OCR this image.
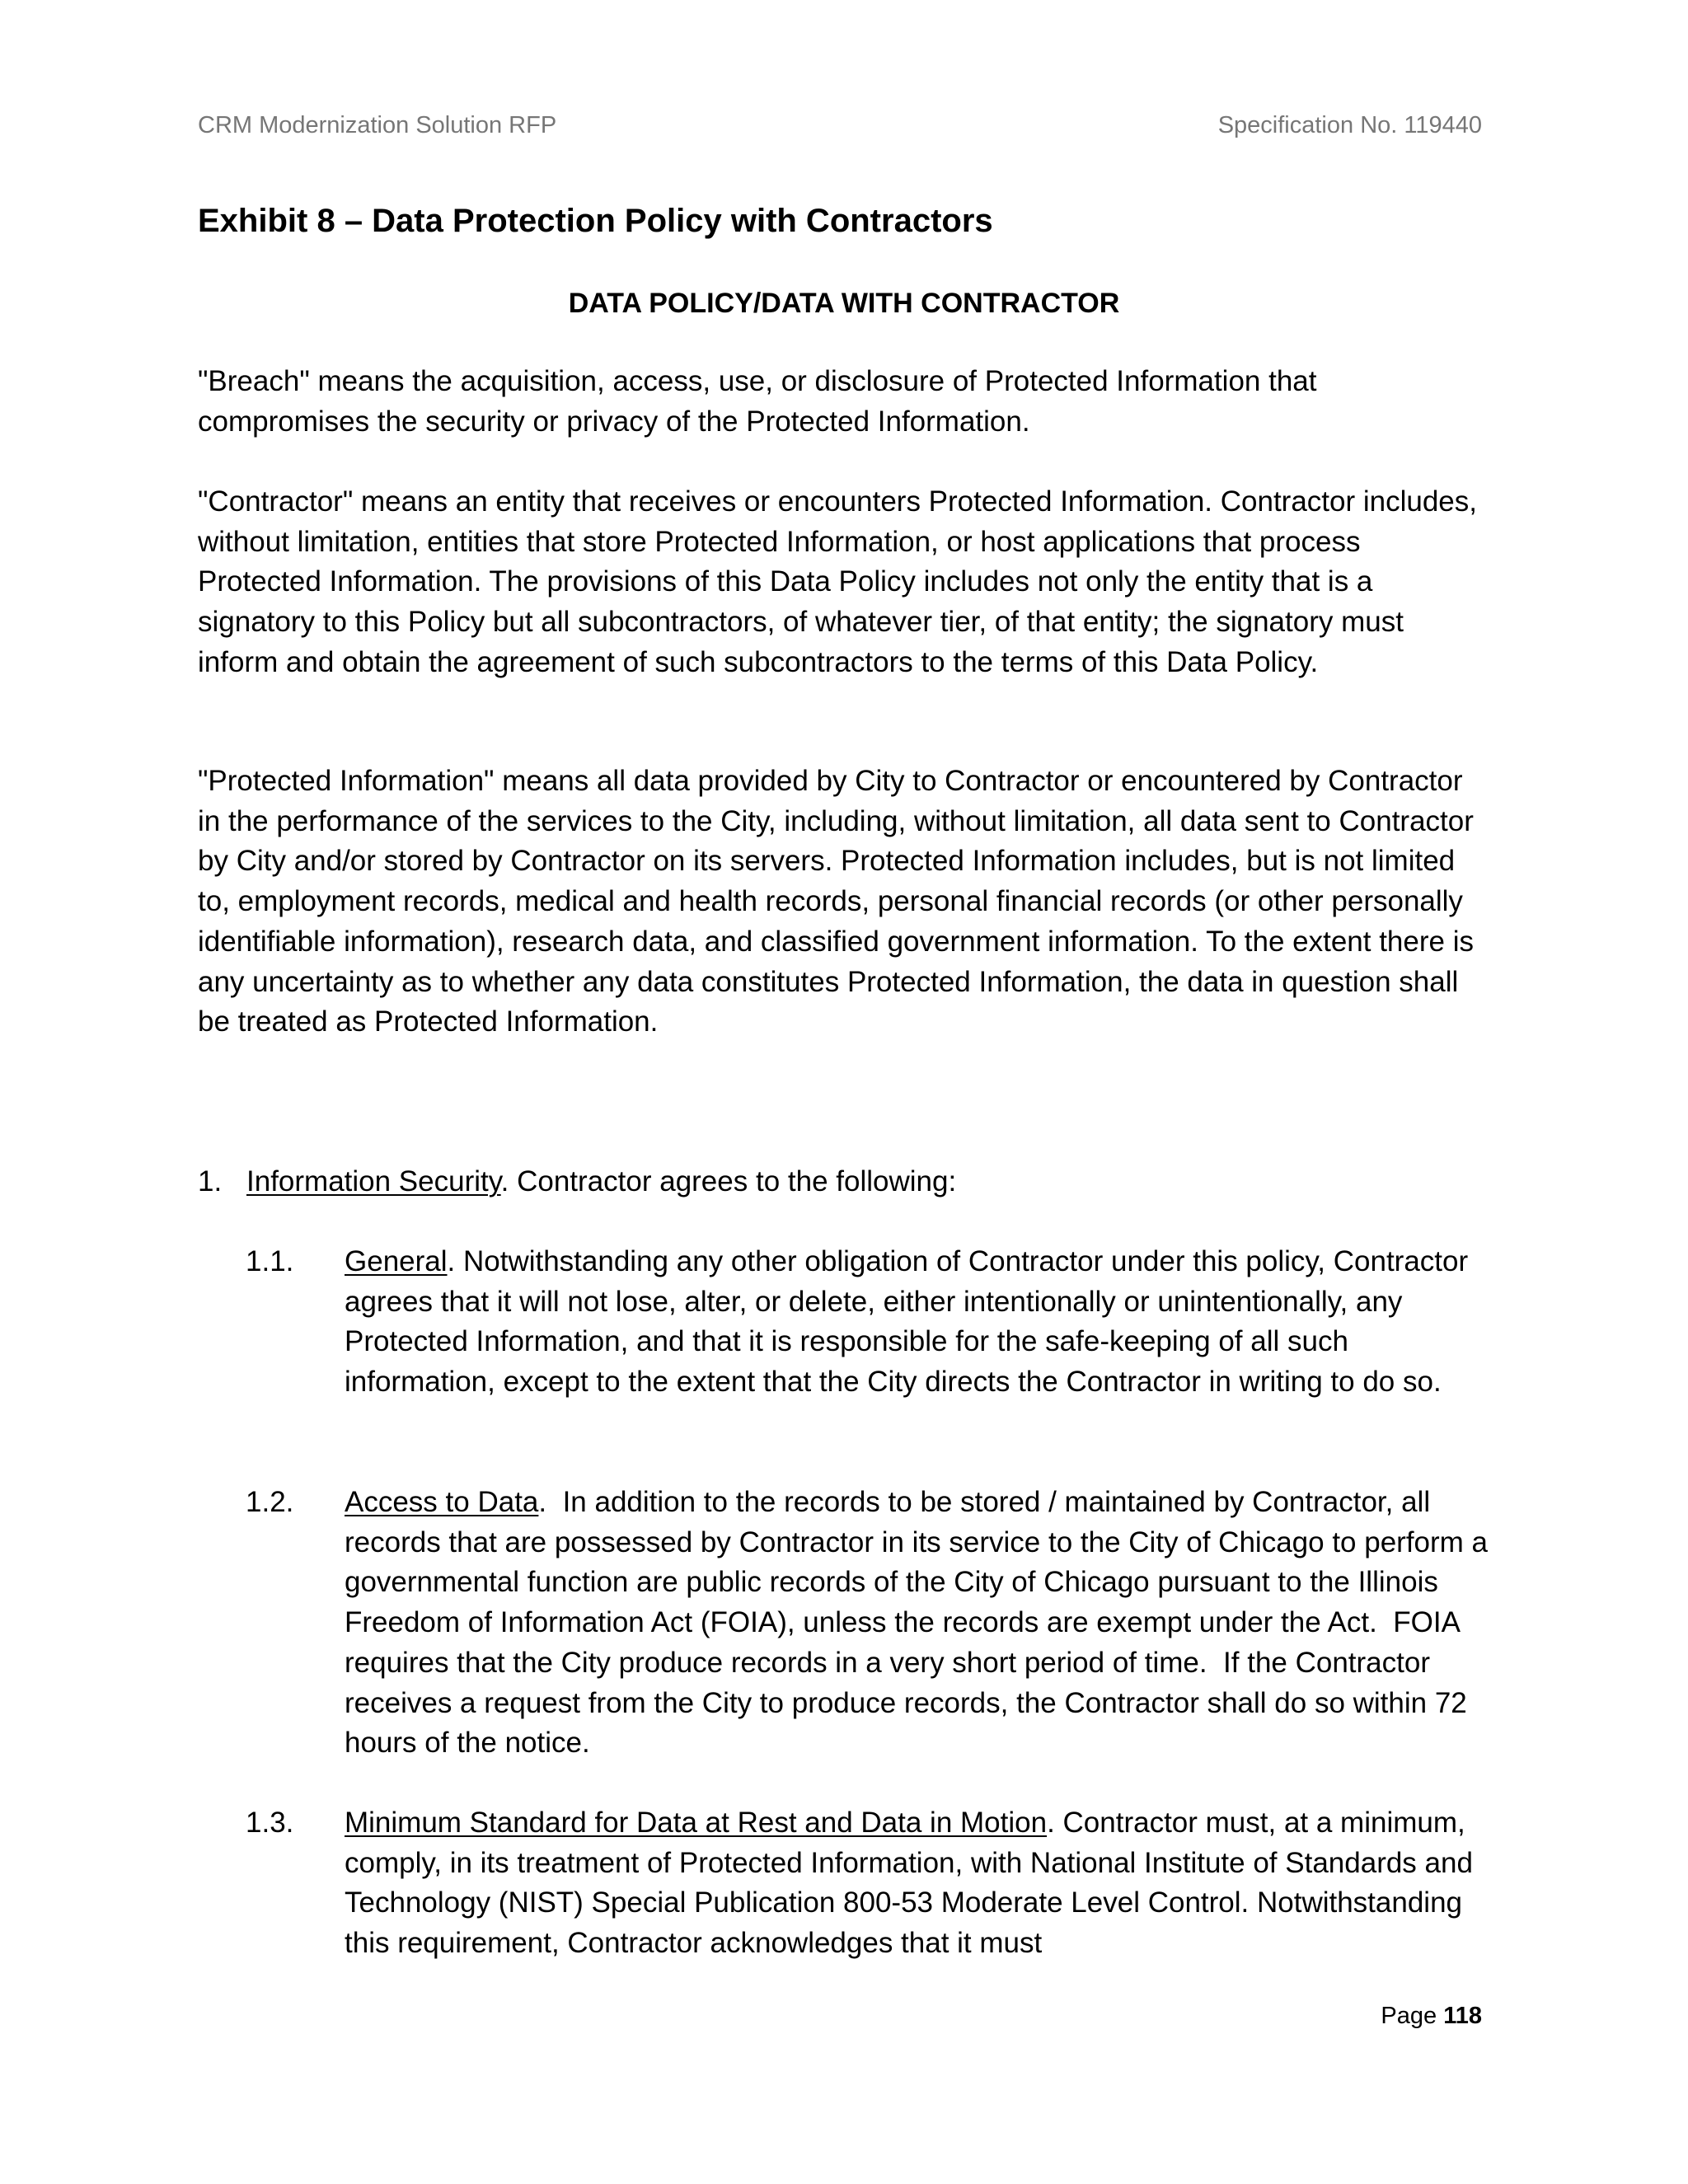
CRM Modernization Solution RFP	Specification No. 119440
Exhibit 8 – Data Protection Policy with Contractors
DATA POLICY/DATA WITH CONTRACTOR

"Breach" means the acquisition, access, use, or disclosure of Protected Information that compromises the security or privacy of the Protected Information.

"Contractor" means an entity that receives or encounters Protected Information. Contractor includes, without limitation, entities that store Protected Information, or host applications that process Protected Information. The provisions of this Data Policy includes not only the entity that is a signatory to this Policy but all subcontractors, of whatever tier, of that entity; the signatory must inform and obtain the agreement of such subcontractors to the terms of this Data Policy.

"Protected Information" means all data provided by City to Contractor or encountered by Contractor in the performance of the services to the City, including, without limitation, all data sent to Contractor by City and/or stored by Contractor on its servers. Protected Information includes, but is not limited to, employment records, medical and health records, personal financial records (or other personally identifiable information), research data, and classified government information. To the extent there is any uncertainty as to whether any data constitutes Protected Information, the data in question shall be treated as Protected Information.

1. Information Security. Contractor agrees to the following:
1.1. General. Notwithstanding any other obligation of Contractor under this policy, Contractor agrees that it will not lose, alter, or delete, either intentionally or unintentionally, any Protected Information, and that it is responsible for the safe-keeping of all such information, except to the extent that the City directs the Contractor in writing to do so.
1.2. Access to Data.  In addition to the records to be stored / maintained by Contractor, all records that are possessed by Contractor in its service to the City of Chicago to perform a governmental function are public records of the City of Chicago pursuant to the Illinois Freedom of Information Act (FOIA), unless the records are exempt under the Act.  FOIA requires that the City produce records in a very short period of time.  If the Contractor receives a request from the City to produce records, the Contractor shall do so within 72 hours of the notice.
1.3. Minimum Standard for Data at Rest and Data in Motion. Contractor must, at a minimum, comply, in its treatment of Protected Information, with National Institute of Standards and Technology (NIST) Special Publication 800-53 Moderate Level Control. Notwithstanding this requirement, Contractor acknowledges that it must
Page 118
